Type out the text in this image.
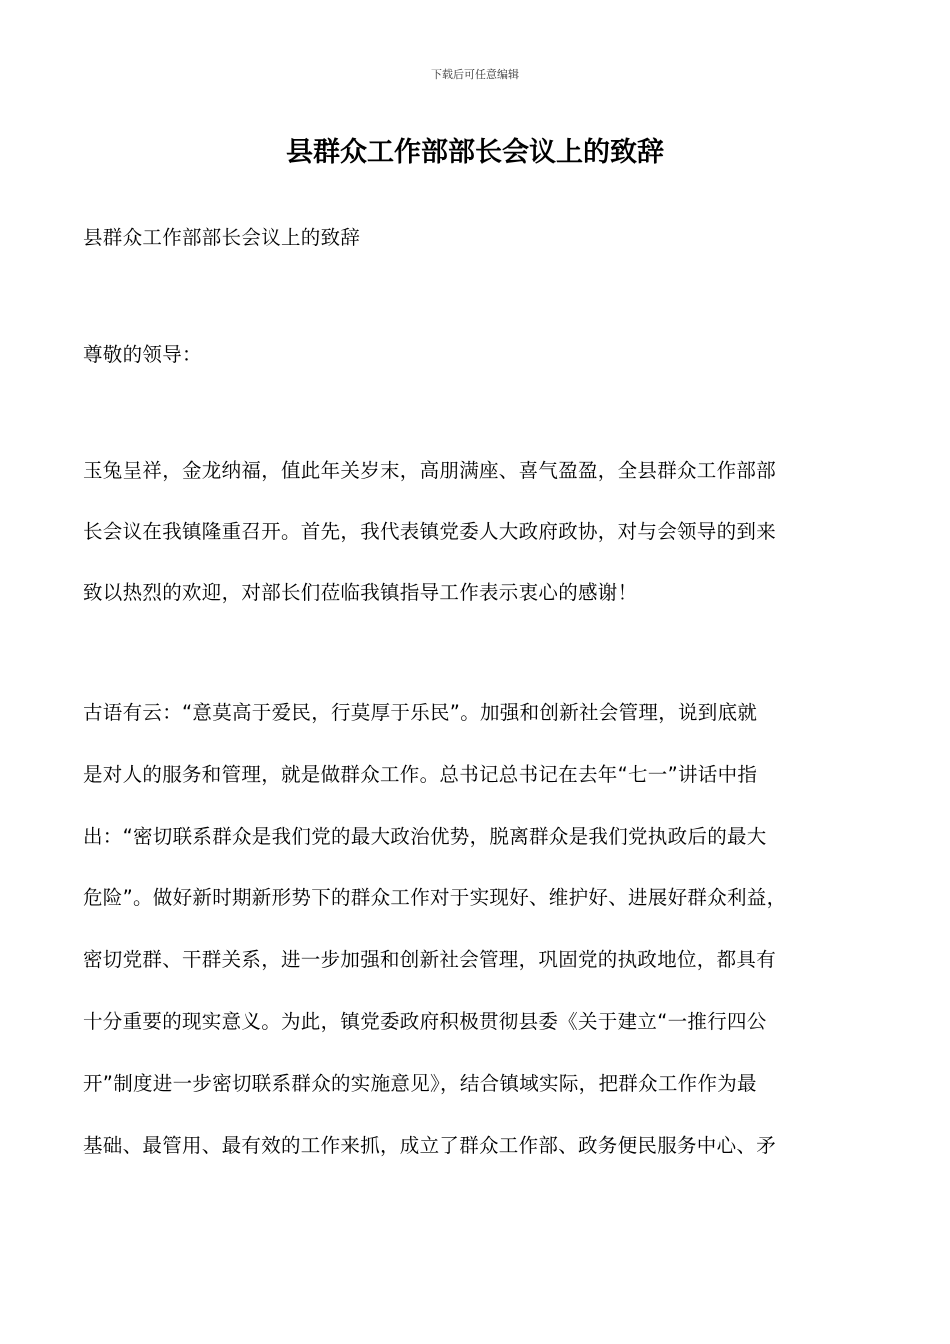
下载后可任意编辑
县群众工作部部长会议上的致辞

县群众工作部部长会议上的致辞

尊敬的领导：

玉兔呈祥，金龙纳福，值此年关岁末，高朋满座、喜气盈盈，全县群众工作部部
长会议在我镇隆重召开。首先，我代表镇党委人大政府政协，对与会领导的到来
致以热烈的欢迎，对部长们莅临我镇指导工作表示衷心的感谢！

古语有云：“意莫高于爱民，行莫厚于乐民”。加强和创新社会管理，说到底就
是对人的服务和管理，就是做群众工作。总书记总书记在去年“七一”讲话中指
出：“密切联系群众是我们党的最大政治优势，脱离群众是我们党执政后的最大
危险”。做好新时期新形势下的群众工作对于实现好、维护好、进展好群众利益，
密切党群、干群关系，进一步加强和创新社会管理，巩固党的执政地位，都具有
十分重要的现实意义。为此，镇党委政府积极贯彻县委《关于建立“一推行四公
开”制度进一步密切联系群众的实施意见》，结合镇域实际，把群众工作作为最
基础、最管用、最有效的工作来抓，成立了群众工作部、政务便民服务中心、矛
